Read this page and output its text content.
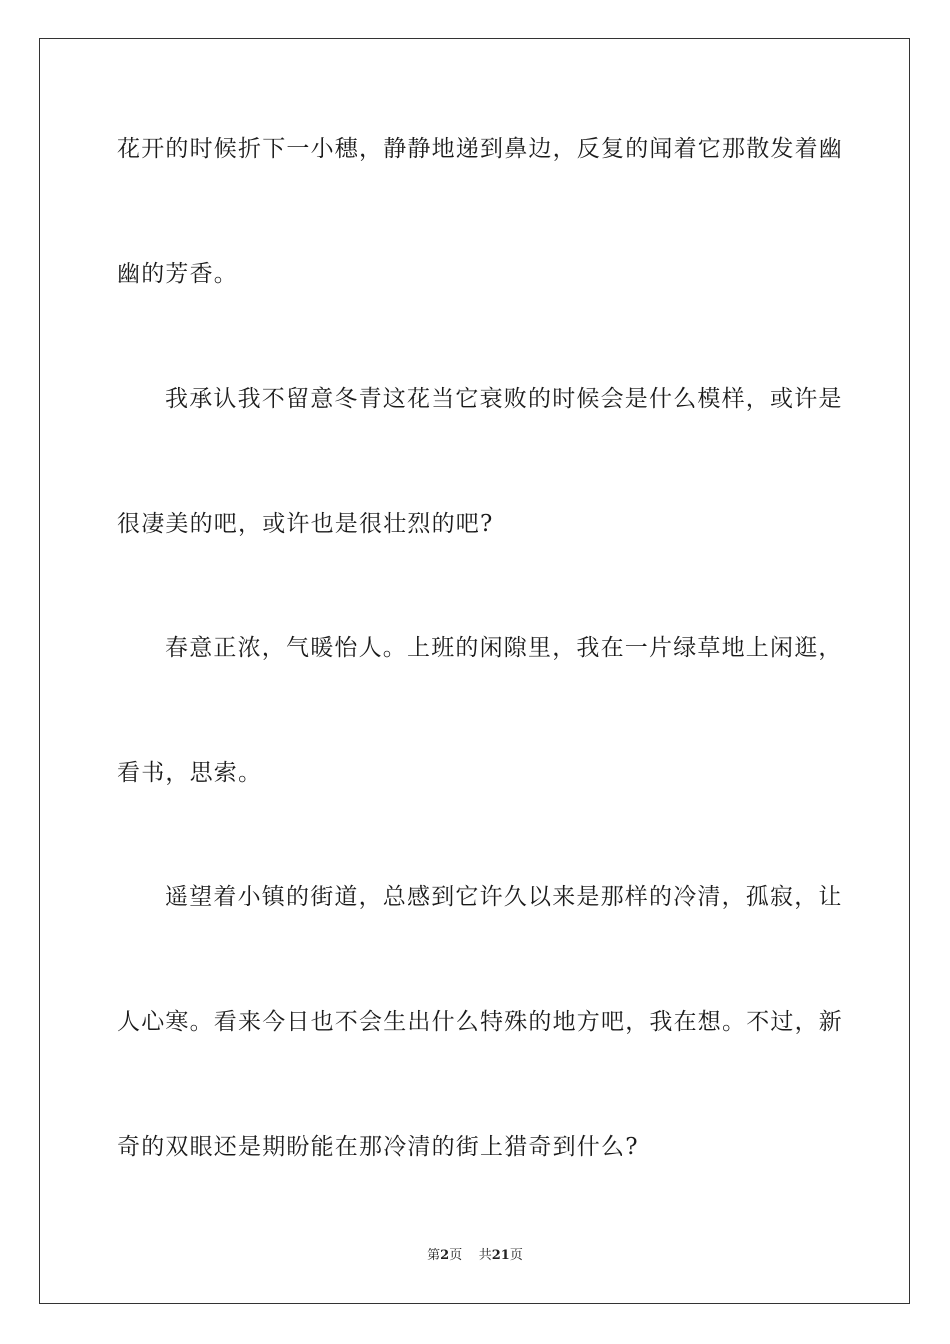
花开的时候折下一小穗，静静地递到鼻边，反复的闻着它那散发着幽
幽的芳香。
我承认我不留意冬青这花当它衰败的时候会是什么模样，或许是
很凄美的吧，或许也是很壮烈的吧?
春意正浓，气暖怡人。上班的闲隙里，我在一片绿草地上闲逛，
看书，思索。
遥望着小镇的街道，总感到它许久以来是那样的冷清，孤寂，让
人心寒。看来今日也不会生出什么特殊的地方吧，我在想。不过，新
奇的双眼还是期盼能在那冷清的街上猎奇到什么?
第2页 共21页
